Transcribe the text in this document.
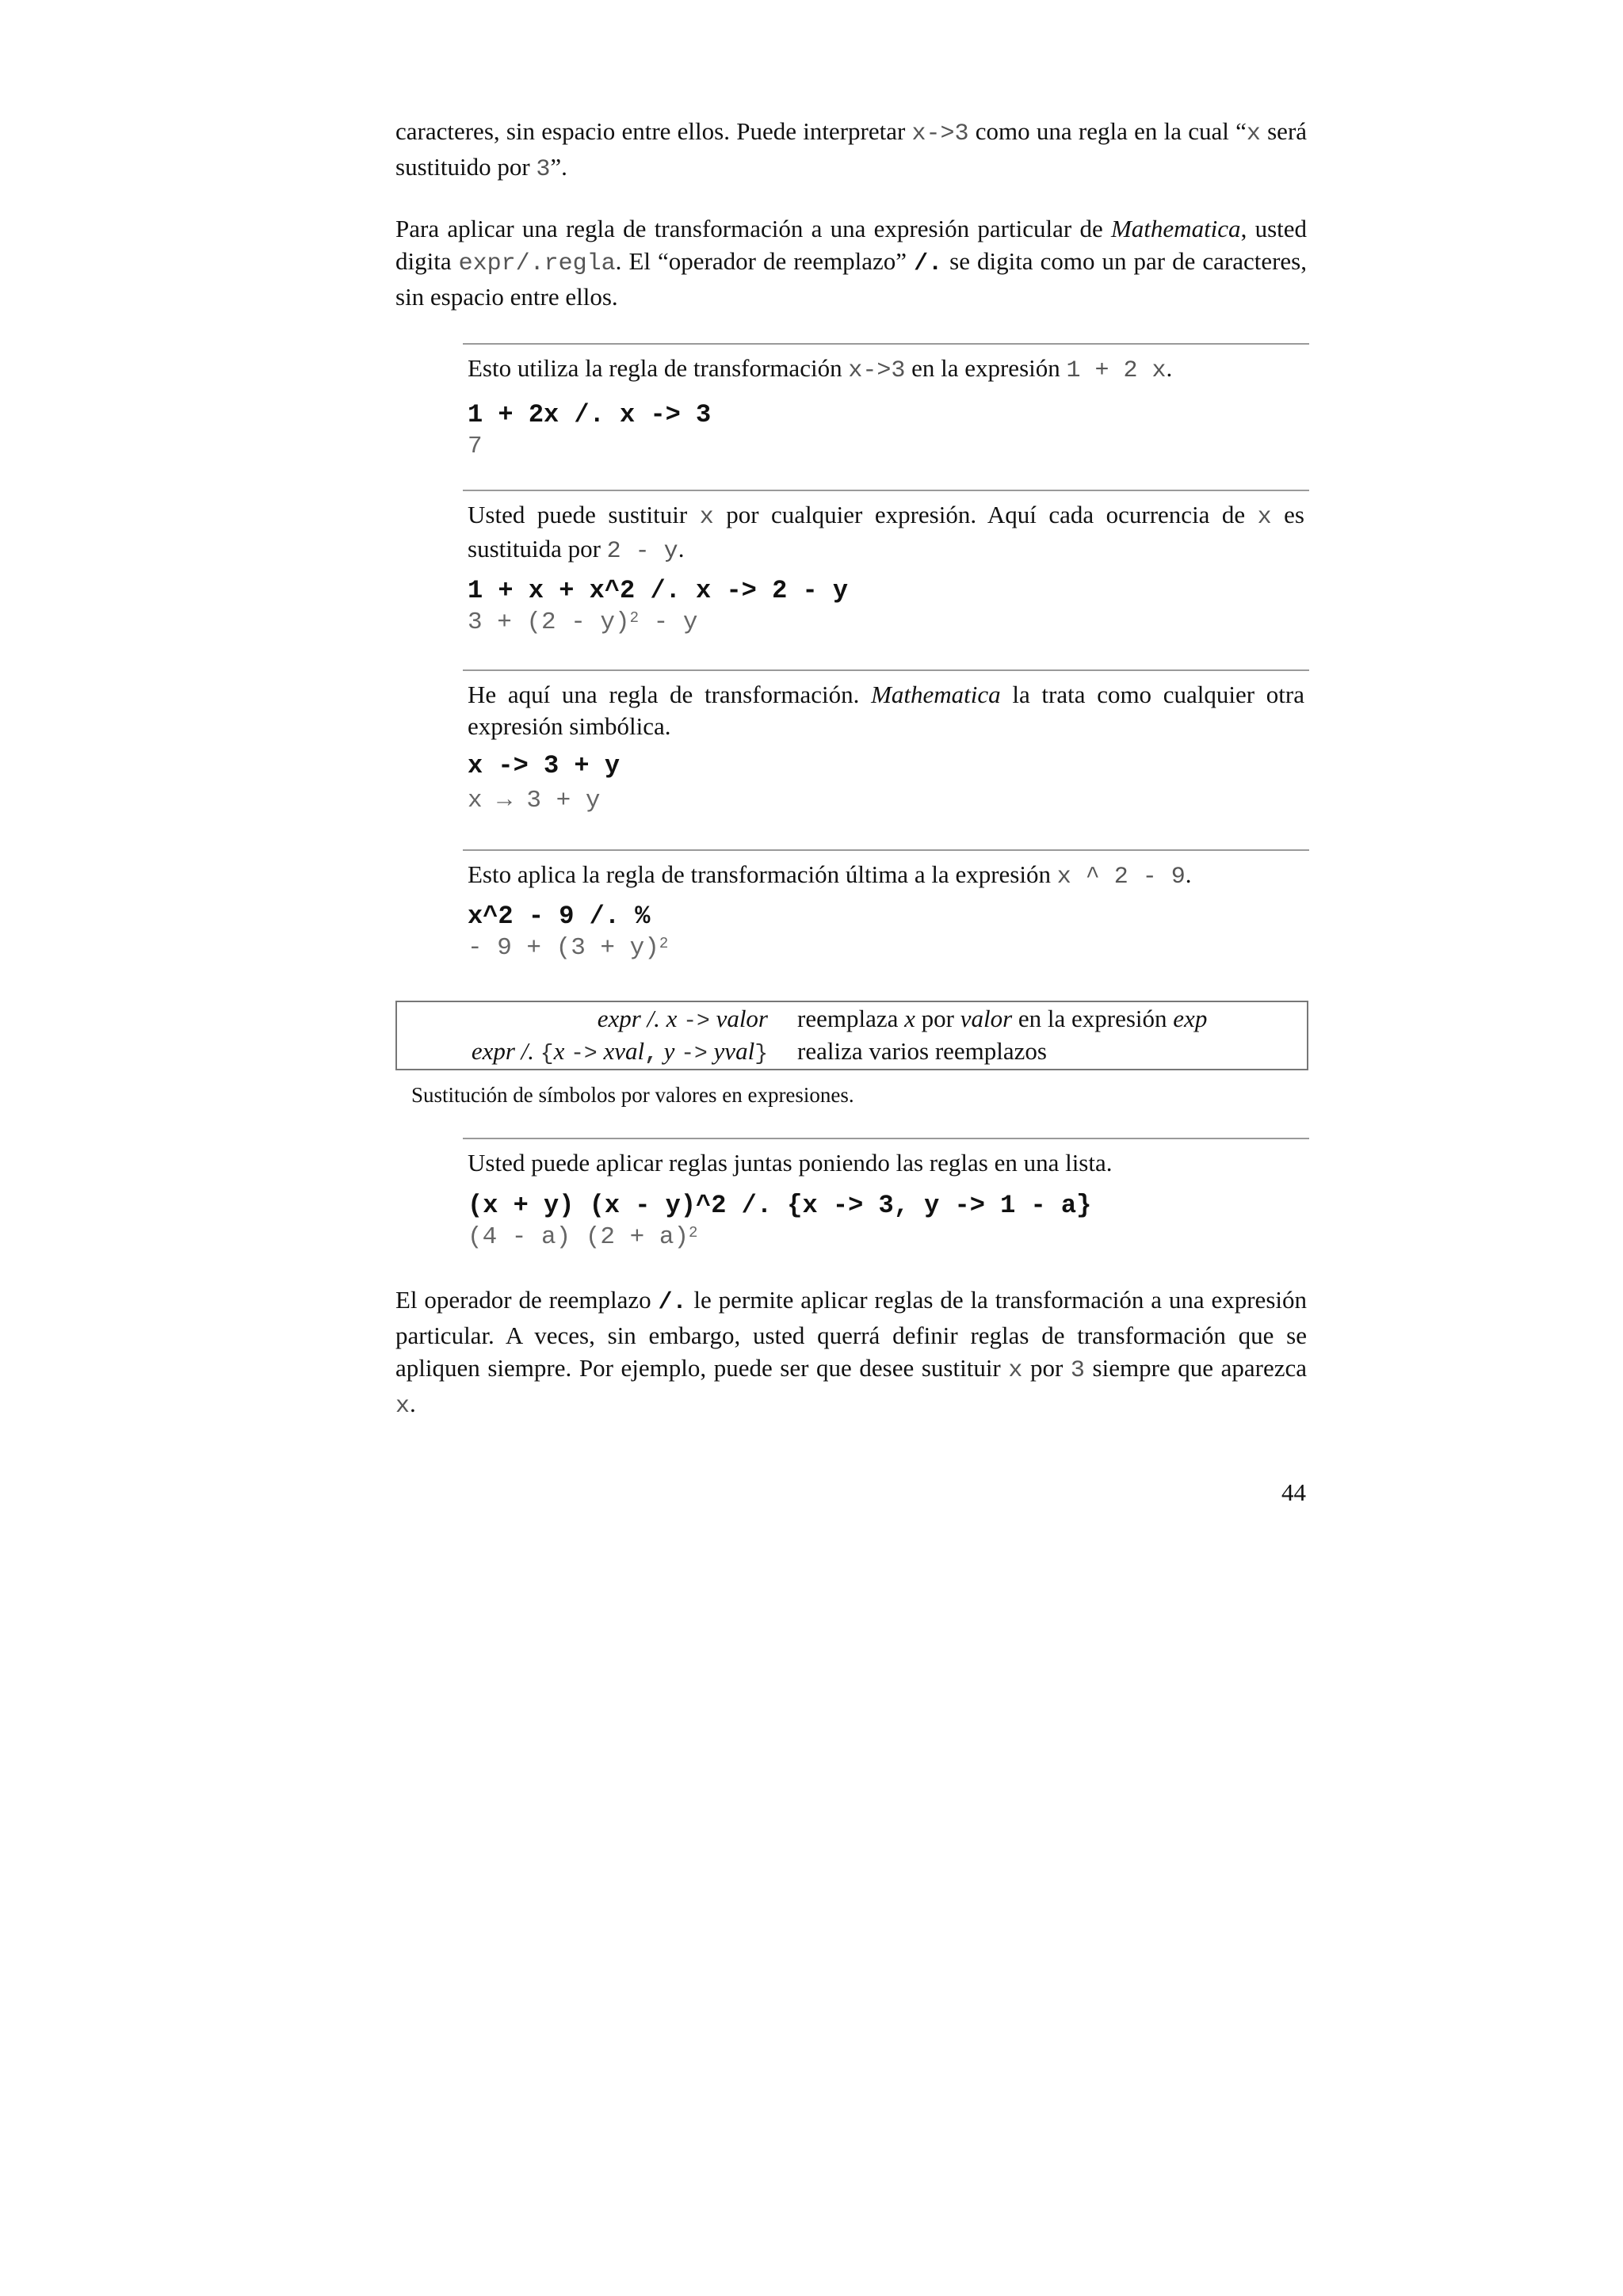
caracteres, sin espacio entre ellos. Puede interpretar x->3 como una regla en la cual “x será sustituido por 3”.

Para aplicar una regla de transformación a una expresión particular de Mathematica, usted digita expr/.regla. El “operador de reemplazo” /. se digita como un par de caracteres, sin espacio entre ellos.

Esto utiliza la regla de transformación x->3 en la expresión 1 + 2 x.
1 + 2x /. x -> 3
7
Usted puede sustituir x por cualquier expresión. Aquí cada ocurrencia de x es sustituida por 2 - y.
1 + x + x^2 /. x -> 2 - y
3 + (2 - y)$^2$ - y
He aquí una regla de transformación. Mathematica la trata como cualquier otra expresión simbólica.
x -> 3 + y
x → 3 + y
Esto aplica la regla de transformación última a la expresión x ^ 2 - 9.
x^2 - 9 /. %
- $9 + (3 + y)^2$
expr /. x -> valor reemplaza x por valor en la expresión exp
expr /. {x -> xval, y -> yval} realiza varios reemplazos
Sustitución de símbolos por valores en expresiones.
Usted puede aplicar reglas juntas poniendo las reglas en una lista.
(x + y) (x - y)^2 /. {x -> 3, y -> 1 - a}
(4 - a) $(2 + a)^2$

El operador de reemplazo /. le permite aplicar reglas de la transformación a una expresión particular. A veces, sin embargo, usted querrá definir reglas de transformación que se apliquen siempre. Por ejemplo, puede ser que desee sustituir x por 3 siempre que aparezca x.

44
